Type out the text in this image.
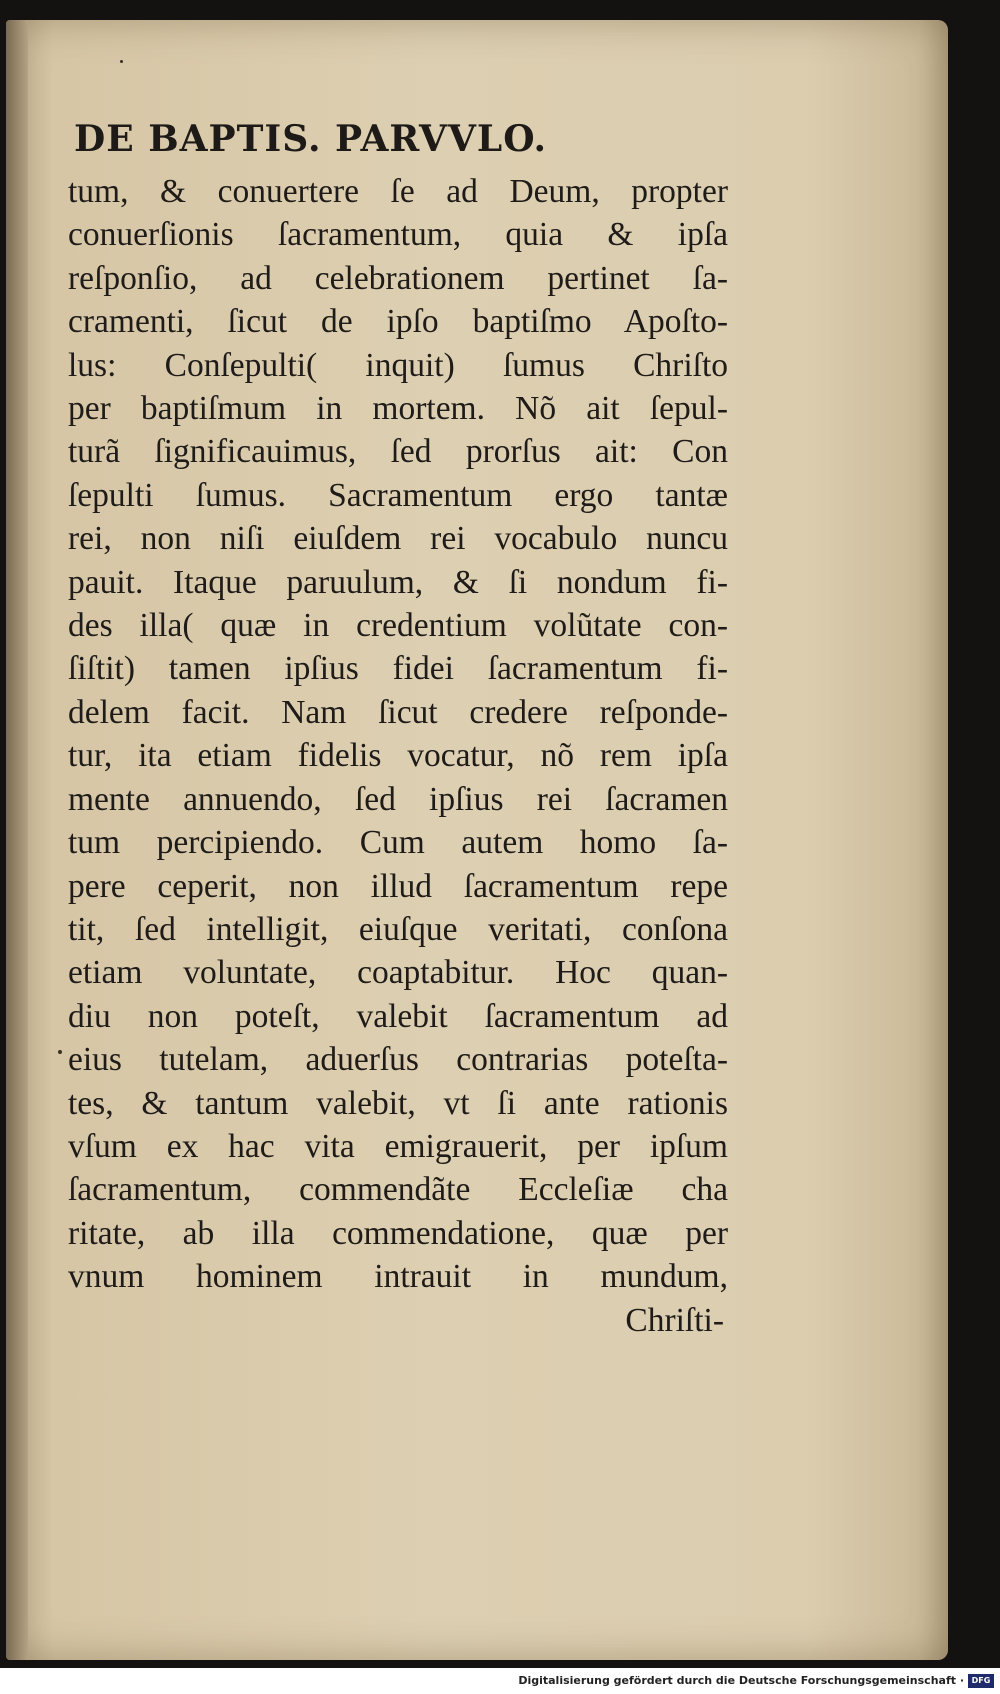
DE BAPTIS. PARVVLO.
tum, & conuertere ſe ad Deum, propter
conuerſionis ſacramentum, quia & ipſa
reſponſio, ad celebrationem pertinet ſa-
cramenti, ſicut de ipſo baptiſmo Apoſto-
lus: Conſepulti( inquit) ſumus Chriſto
per baptiſmum in mortem. Nõ ait ſepul-
turã ſignificauimus, ſed prorſus ait: Con
ſepulti ſumus. Sacramentum ergo tantæ
rei, non niſi eiuſdem rei vocabulo nuncu
pauit. Itaque paruulum, & ſi nondum fi-
des illa( quæ in credentium volũtate con-
ſiſtit) tamen ipſius fidei ſacramentum fi-
delem facit. Nam ſicut credere reſponde-
tur, ita etiam fidelis vocatur, nõ rem ipſa
mente annuendo, ſed ipſius rei ſacramen
tum percipiendo. Cum autem homo ſa-
pere ceperit, non illud ſacramentum repe
tit, ſed intelligit, eiuſque veritati, conſona
etiam voluntate, coaptabitur. Hoc quan-
diu non poteſt, valebit ſacramentum ad
eius tutelam, aduerſus contrarias poteſta-
tes, & tantum valebit, vt ſi ante rationis
vſum ex hac vita emigrauerit, per ipſum
ſacramentum, commendãte Eccleſiæ cha
ritate, ab illa commendatione, quæ per
vnum hominem intrauit in mundum,
Chriſti-
Digitalisierung gefördert durch die Deutsche Forschungsgemeinschaft · DFG
